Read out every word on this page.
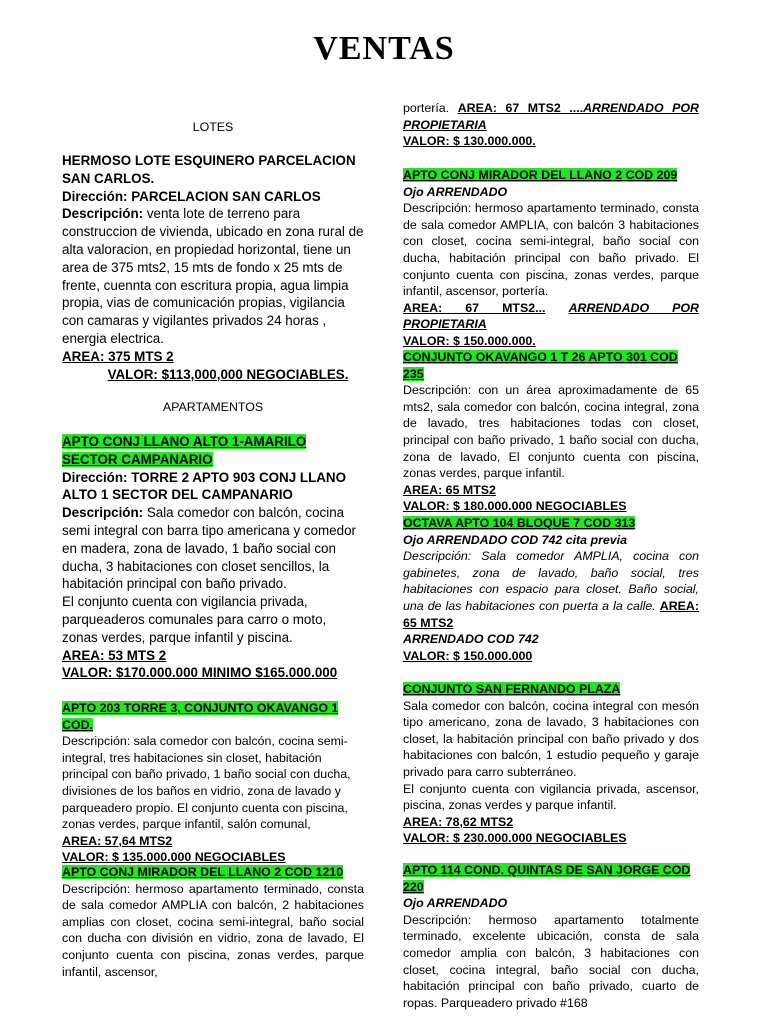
VENTAS
LOTES

HERMOSO LOTE ESQUINERO PARCELACION SAN CARLOS.

Dirección: PARCELACION SAN CARLOS

Descripción: venta lote de terreno para construccion de vivienda, ubicado en zona rural de alta valoracion, en propiedad horizontal, tiene un area de 375 mts2, 15 mts de fondo x 25 mts de frente, cuennta con escritura propia, agua limpia propia, vias de comunicación propias, vigilancia con camaras y vigilantes privados 24 horas , energia electrica.

AREA: 375 MTS 2

VALOR: $113,000,000 NEGOCIABLES.

APARTAMENTOS

APTO CONJ LLANO ALTO 1-AMARILO SECTOR CAMPANARIO

Dirección: TORRE 2 APTO 903 CONJ LLANO ALTO 1 SECTOR DEL CAMPANARIO

Descripción: Sala comedor con balcón, cocina semi integral con barra tipo americana y comedor en madera, zona de lavado, 1 baño social con ducha, 3 habitaciones con closet sencillos, la habitación principal con baño privado.

El conjunto cuenta con vigilancia privada, parqueaderos comunales para carro o moto, zonas verdes, parque infantil y piscina.

AREA: 53 MTS 2

VALOR: $170.000.000 MINIMO $165.000.000

APTO 203 TORRE 3, CONJUNTO OKAVANGO 1 COD.

Descripción: sala comedor con balcón, cocina semi-integral, tres habitaciones sin closet, habitación principal con baño privado, 1 baño social con ducha, divisiones de los baños en vidrio, zona de lavado y parqueadero propio. El conjunto cuenta con piscina, zonas verdes, parque infantil, salón comunal,

AREA: 57,64 MTS2

VALOR: $ 135.000.000 NEGOCIABLES

APTO CONJ MIRADOR DEL LLANO 2 COD 1210

Descripción: hermoso apartamento terminado, consta de sala comedor AMPLIA con balcón, 2 habitaciones amplias con closet, cocina semi-integral, baño social con ducha con división en vidrio, zona de lavado, El conjunto cuenta con piscina, zonas verdes, parque infantil, ascensor,

portería. AREA: 67 MTS2 ....ARRENDADO POR PROPIETARIA

VALOR: $ 130.000.000.

APTO CONJ MIRADOR DEL LLANO 2 COD 209

Ojo ARRENDADO

Descripción: hermoso apartamento terminado, consta de sala comedor AMPLIA, con balcón 3 habitaciones con closet, cocina semi-integral, baño social con ducha, habitación principal con baño privado. El conjunto cuenta con piscina, zonas verdes, parque infantil, ascensor, portería.

AREA: 67 MTS2... ARRENDADO POR PROPIETARIA

VALOR: $ 150.000.000.

CONJUNTO OKAVANGO 1 T 26 APTO 301 COD 235

Descripción: con un área aproximadamente de 65 mts2, sala comedor con balcón, cocina integral, zona de lavado, tres habitaciones todas con closet, principal con baño privado, 1 baño social con ducha, zona de lavado, El conjunto cuenta con piscina, zonas verdes, parque infantil.

AREA: 65 MTS2

VALOR: $ 180.000.000 NEGOCIABLES

OCTAVA APTO 104 BLOQUE 7 COD 313

Ojo ARRENDADO COD 742 cita previa

Descripción: Sala comedor AMPLIA, cocina con gabinetes, zona de lavado, baño social, tres habitaciones con espacio para closet. Baño social, una de las habitaciones con puerta a la calle. AREA: 65 MTS2

ARRENDADO COD 742

VALOR: $ 150.000.000

CONJUNTO SAN FERNANDO PLAZA

Sala comedor con balcón, cocina integral con mesón tipo americano, zona de lavado, 3 habitaciones con closet, la habitación principal con baño privado y dos habitaciones con balcón, 1 estudio pequeño y garaje privado para carro subterráneo.

El conjunto cuenta con vigilancia privada, ascensor, piscina, zonas verdes y parque infantil.

AREA: 78,62 MTS2

VALOR: $ 230.000.000 NEGOCIABLES

APTO 114 COND. QUINTAS DE SAN JORGE COD 220

Ojo ARRENDADO

Descripción: hermoso apartamento totalmente terminado, excelente ubicación, consta de sala comedor amplia con balcón, 3 habitaciones con closet, cocina integral, baño social con ducha, habitación principal con baño privado, cuarto de ropas. Parqueadero privado #168
